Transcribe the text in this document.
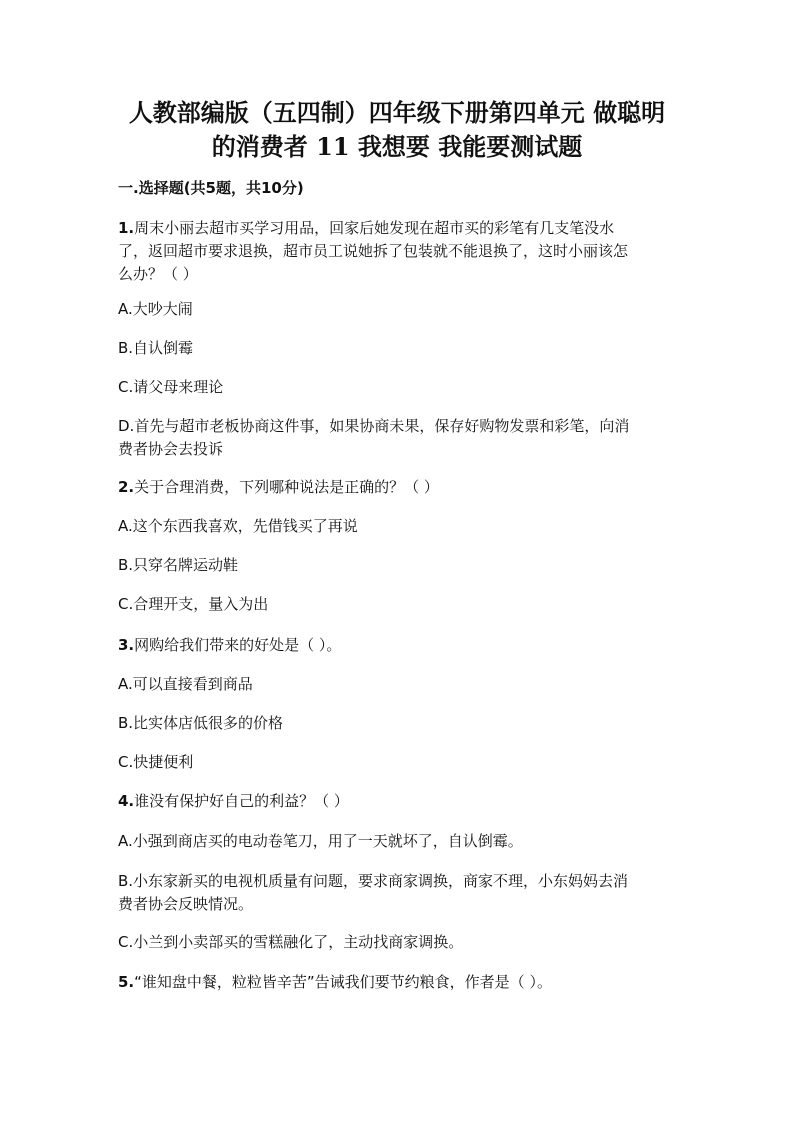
人教部编版（五四制）四年级下册第四单元 做聪明
的消费者 11 我想要 我能要测试题

一.选择题(共5题，共10分)

1.周末小丽去超市买学习用品，回家后她发现在超市买的彩笔有几支笔没水

了，返回超市要求退换，超市员工说她拆了包装就不能退换了，这时小丽该怎

么办？（ ）

A.大吵大闹

B.自认倒霉

C.请父母来理论

D.首先与超市老板协商这件事，如果协商未果，保存好购物发票和彩笔，向消

费者协会去投诉

2.关于合理消费，下列哪种说法是正确的？（ ）

A.这个东西我喜欢，先借钱买了再说

B.只穿名牌运动鞋

C.合理开支，量入为出

3.网购给我们带来的好处是（ ）。

A.可以直接看到商品

B.比实体店低很多的价格

C.快捷便利

4.谁没有保护好自己的利益？（ ）

A.小强到商店买的电动卷笔刀，用了一天就坏了，自认倒霉。

B.小东家新买的电视机质量有问题，要求商家调换，商家不理，小东妈妈去消

费者协会反映情况。

C.小兰到小卖部买的雪糕融化了，主动找商家调换。

5.“谁知盘中餐，粒粒皆辛苦”告诫我们要节约粮食，作者是（ ）。
